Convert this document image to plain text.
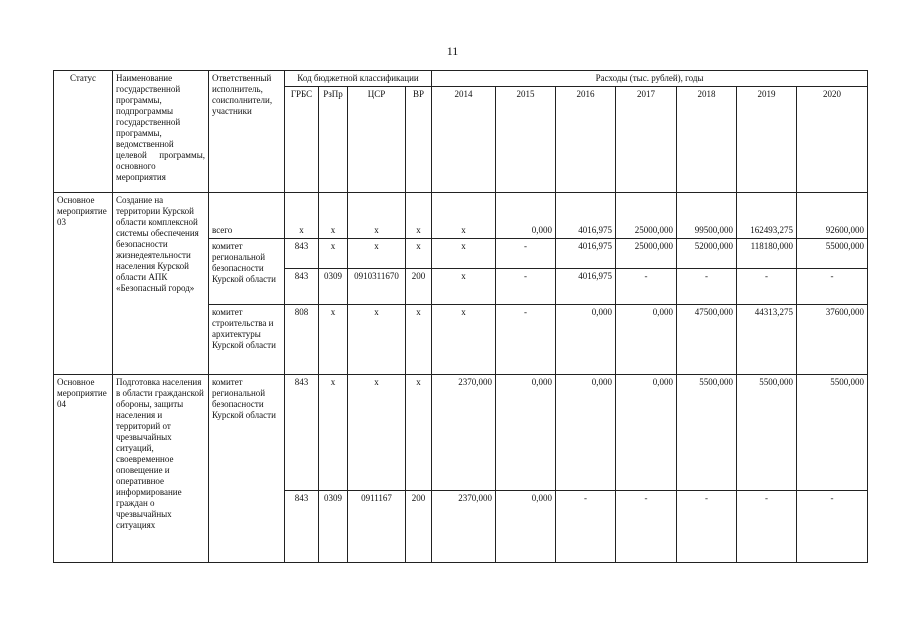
11
Статус	Наименование государственной программы, подпрограммы государственной программы, ведомственной целевой программы, основного мероприятия	Ответственный исполнитель, соисполнители, участники	Код бюджетной классификации				Расходы (тыс. рублей), годы						
			ГРБС	РзПр	ЦСР	ВР	2014	2015	2016	2017	2018	2019	2020
Основное мероприятие 03	Создание на территории Курской области комплексной системы обеспечения безопасности жизнедеятельности населения Курской области АПК «Безопасный город»	всего	x	x	x	x	x	0,000	4016,975	25000,000	99500,000	162493,275	92600,000
		комитет региональной безопасности Курской области	843	x	x	x	x	-	4016,975	25000,000	52000,000	118180,000	55000,000
			843	0309	0910311670	200	x	-	4016,975	-	-	-	-
		комитет строительства и архитектуры Курской области	808	x	x	x	x	-	0,000	0,000	47500,000	44313,275	37600,000
Основное мероприятие 04	Подготовка населения в области гражданской обороны, защиты населения и территорий от чрезвычайных ситуаций, своевременное оповещение и оперативное информирование граждан о чрезвычайных ситуациях	комитет региональной безопасности Курской области	843	x	x	x	2370,000	0,000	0,000	0,000	5500,000	5500,000	5500,000
			843	0309	0911167	200	2370,000	0,000	-	-	-	-	-
